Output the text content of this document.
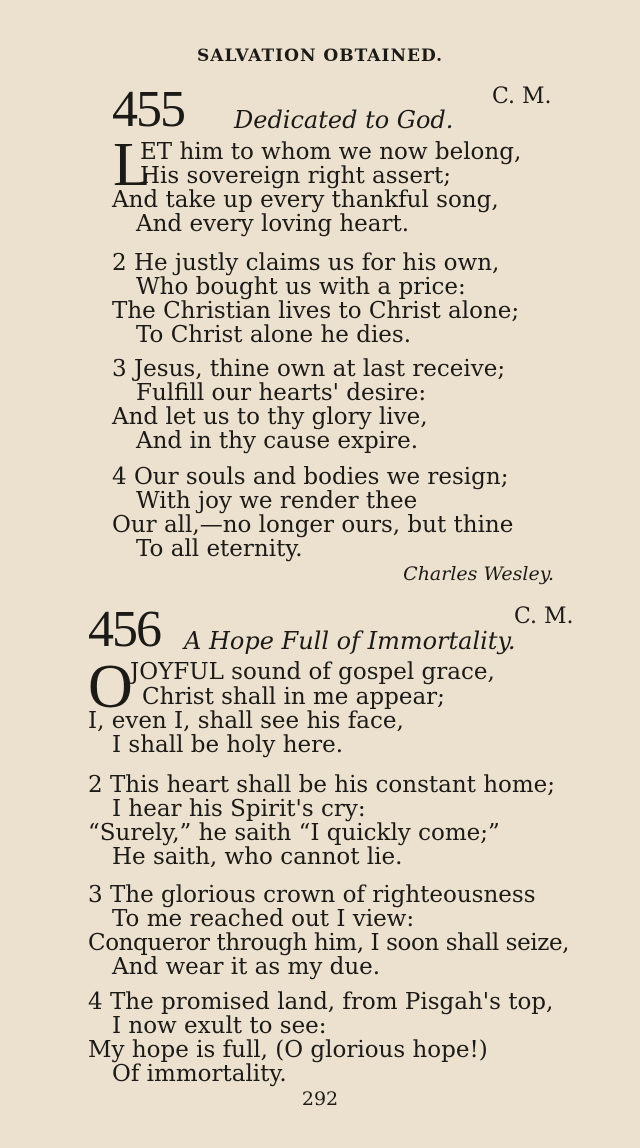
SALVATION OBTAINED.
455	C. M.
Dedicated to God.
L
ET him to whom we now belong,
His sovereign right assert;
And take up every thankful song,
And every loving heart.
2 He justly claims us for his own,
Who bought us with a price:
The Christian lives to Christ alone;
To Christ alone he dies.
3 Jesus, thine own at last receive;
Fulfill our hearts' desire:
And let us to thy glory live,
And in thy cause expire.
4 Our souls and bodies we resign;
With joy we render thee
Our all,—no longer ours, but thine
To all eternity.
Charles Wesley.
456	C. M.
A Hope Full of Immortality.
O
JOYFUL sound of gospel grace,
Christ shall in me appear;
I, even I, shall see his face,
I shall be holy here.
2 This heart shall be his constant home;
I hear his Spirit's cry:
“Surely,” he saith “I quickly come;”
He saith, who cannot lie.
3 The glorious crown of righteousness
To me reached out I view:
Conqueror through him, I soon shall seize,
And wear it as my due.
4 The promised land, from Pisgah's top,
I now exult to see:
My hope is full, (O glorious hope!)
Of immortality.
292
